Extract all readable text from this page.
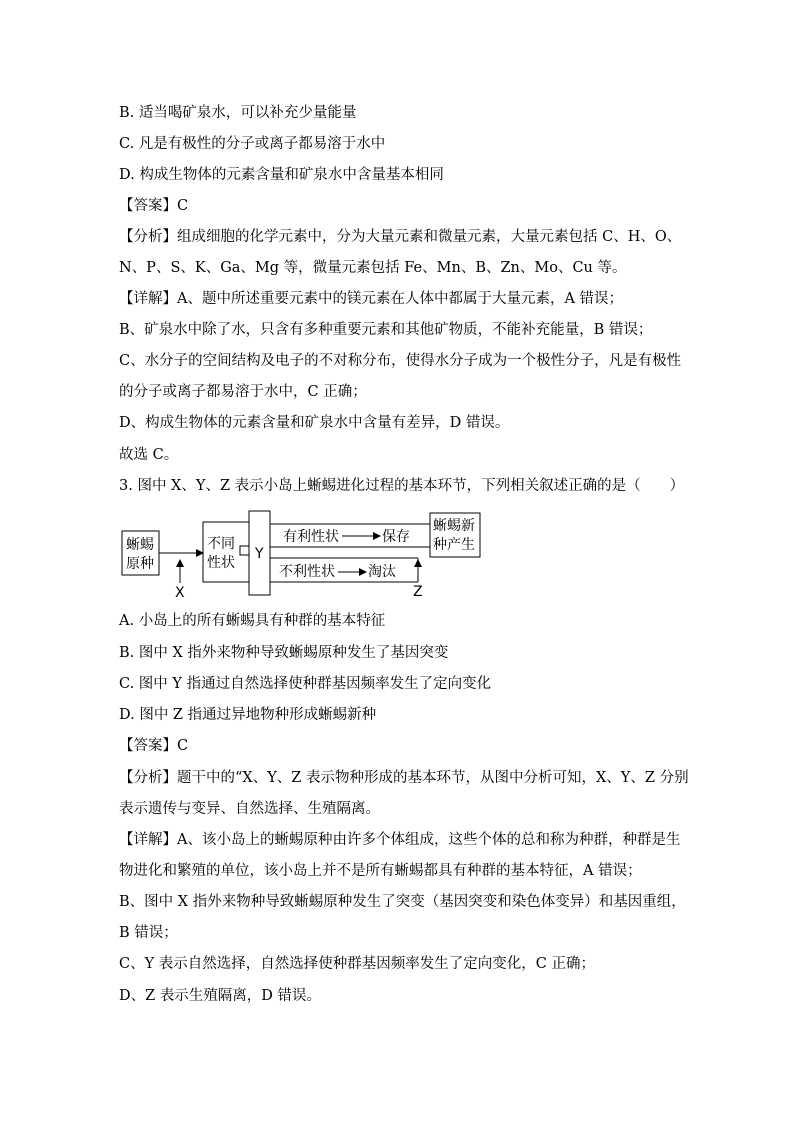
B. 适当喝矿泉水，可以补充少量能量
C. 凡是有极性的分子或离子都易溶于水中
D. 构成生物体的元素含量和矿泉水中含量基本相同
【答案】C
【分析】组成细胞的化学元素中，分为大量元素和微量元素，大量元素包括 C、H、O、
N、P、S、K、Ga、Mg 等，微量元素包括 Fe、Mn、B、Zn、Mo、Cu 等。
【详解】A、题中所述重要元素中的镁元素在人体中都属于大量元素，A 错误；
B、矿泉水中除了水，只含有多种重要元素和其他矿物质，不能补充能量，B 错误；
C、水分子的空间结构及电子的不对称分布，使得水分子成为一个极性分子，凡是有极性
的分子或离子都易溶于水中，C 正确；
D、构成生物体的元素含量和矿泉水中含量有差异，D 错误。
故选 C。
3. 图中 X、Y、Z 表示小岛上蜥蜴进化过程的基本环节，下列相关叙述正确的是（　　）
蜥蜴
原种
X
不同
性状
Y
有利性状	保存
不利性状 淘汰
Z
蜥蜴新
种产生
A. 小岛上的所有蜥蜴具有种群的基本特征
B. 图中 X 指外来物种导致蜥蜴原种发生了基因突变
C. 图中 Y 指通过自然选择使种群基因频率发生了定向变化
D. 图中 Z 指通过异地物种形成蜥蜴新种
【答案】C
【分析】题干中的“X、Y、Z 表示物种形成的基本环节，从图中分析可知，X、Y、Z 分别
表示遗传与变异、自然选择、生殖隔离。
【详解】A、该小岛上的蜥蜴原种由许多个体组成，这些个体的总和称为种群，种群是生
物进化和繁殖的单位，该小岛上并不是所有蜥蜴都具有种群的基本特征，A 错误；
B、图中 X 指外来物种导致蜥蜴原种发生了突变（基因突变和染色体变异）和基因重组，
B 错误；
C、Y 表示自然选择，自然选择使种群基因频率发生了定向变化，C 正确；
D、Z 表示生殖隔离，D 错误。
